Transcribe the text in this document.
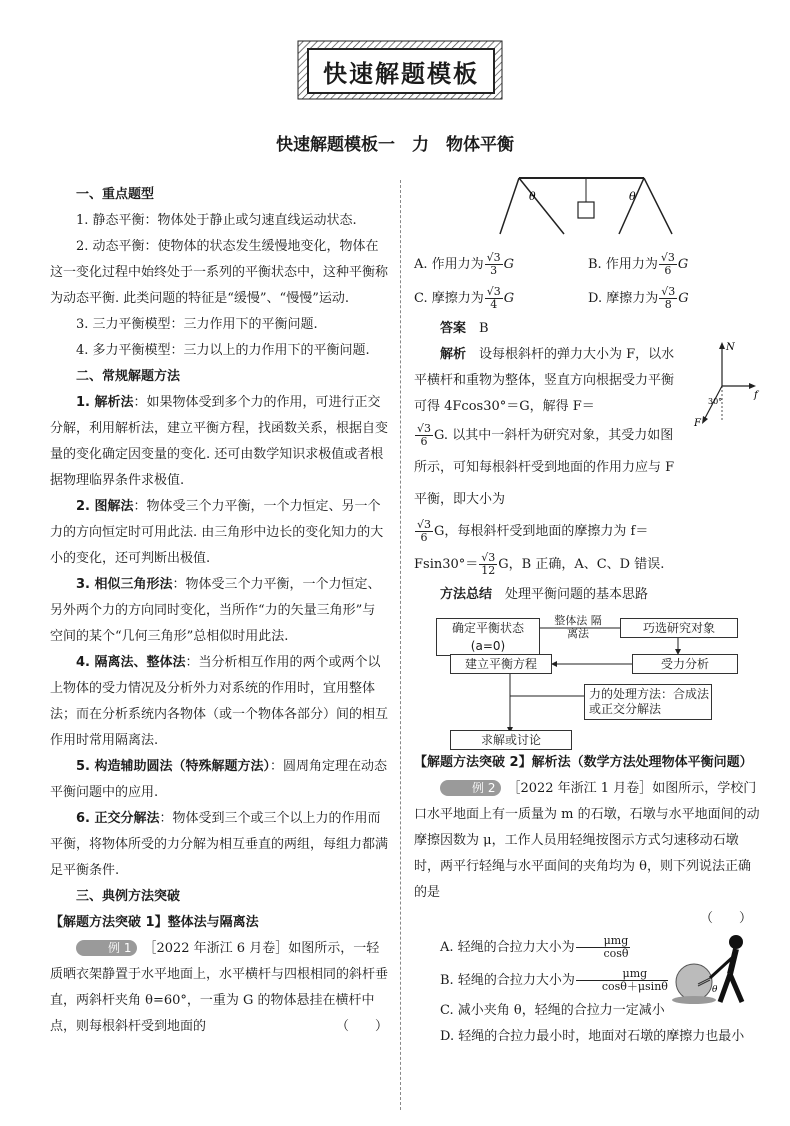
快速解题模板
快速解题模板一　力　物体平衡

一、重点题型

1. 静态平衡：物体处于静止或匀速直线运动状态.

2. 动态平衡：使物体的状态发生缓慢地变化，物体在这一变化过程中始终处于一系列的平衡状态中，这种平衡称为动态平衡. 此类问题的特征是“缓慢”、“慢慢”运动.

3. 三力平衡模型：三力作用下的平衡问题.

4. 多力平衡模型：三力以上的力作用下的平衡问题.

二、常规解题方法

1. 解析法：如果物体受到多个力的作用，可进行正交分解，利用解析法，建立平衡方程，找函数关系，根据自变量的变化确定因变量的变化. 还可由数学知识求极值或者根据物理临界条件求极值.

2. 图解法：物体受三个力平衡，一个力恒定、另一个力的方向恒定时可用此法. 由三角形中边长的变化知力的大小的变化，还可判断出极值.

3. 相似三角形法：物体受三个力平衡，一个力恒定、另外两个力的方向同时变化，当所作“力的矢量三角形”与空间的某个“几何三角形”总相似时用此法.

4. 隔离法、整体法：当分析相互作用的两个或两个以上物体的受力情况及分析外力对系统的作用时，宜用整体法；而在分析系统内各物体（或一个物体各部分）间的相互作用时常用隔离法.

5. 构造辅助圆法（特殊解题方法）：圆周角定理在动态平衡问题中的应用.

6. 正交分解法：物体受到三个或三个以上力的作用而平衡，将物体所受的力分解为相互垂直的两组，每组力都满足平衡条件.

三、典例方法突破

【解题方法突破 1】整体法与隔离法

例 1 ［2022 年浙江 6 月卷］如图所示，一轻质晒衣架静置于水平地面上，水平横杆与四根相同的斜杆垂直，两斜杆夹角 θ=60°，一重为 G 的物体悬挂在横杆中点，则每根斜杆受到地面的	（　　）

θ	θ
A. 作用力为 $\frac{√3}{3}$ G	B. 作用力为 $\frac{√3}{6}$ G
C. 摩擦力为 $\frac{√3}{4}$ G	D. 摩擦力为 $\frac{√3}{8}$ G

答案　 B

N
f
F
30°

解析　 设每根斜杆的弹力大小为 F，以水平横杆和重物为整体，竖直方向根据受力平衡可得 4Fcos30°＝G，解得 F＝

$\frac{√3}{6} G$. 以其中一斜杆为研究对象，其受力如图所示，可知每根斜杆受到地面的作用力应与 F 平衡，即大小为

$\frac{√3}{6}$ G，每根斜杆受到地面的摩擦力为 f＝

$Fsin30^\circ= \frac{√3}{12}$ G，B 正确，A、C、D 错误.

方法总结　 处理平衡问题的基本思路

确定平衡状态(a=0)
整体法 隔离法	巧选研究对象
建立平衡方程	受力分析
力的处理方法：合成法或正交分解法
求解或讨论

【解题方法突破 2】解析法（数学方法处理物体平衡问题）

例 2 ［2022 年浙江 1 月卷］如图所示，学校门口水平地面上有一质量为 m 的石墩，石墩与水平地面间的动摩擦因数为 μ，工作人员用轻绳按图示方式匀速移动石墩时，两平行轻绳与水平面间的夹角均为 θ，则下列说法正确的是

（　　）

θ

A. 轻绳的合拉力大小为 $\frac{\text{μmg}}{\cos\theta}$

B. 轻绳的合拉力大小为 $\frac{\text{μmg}}{\cos\theta+\mu\sin\theta}$

C. 减小夹角 θ，轻绳的合拉力一定减小

D. 轻绳的合拉力最小时，地面对石墩的摩擦力也最小
